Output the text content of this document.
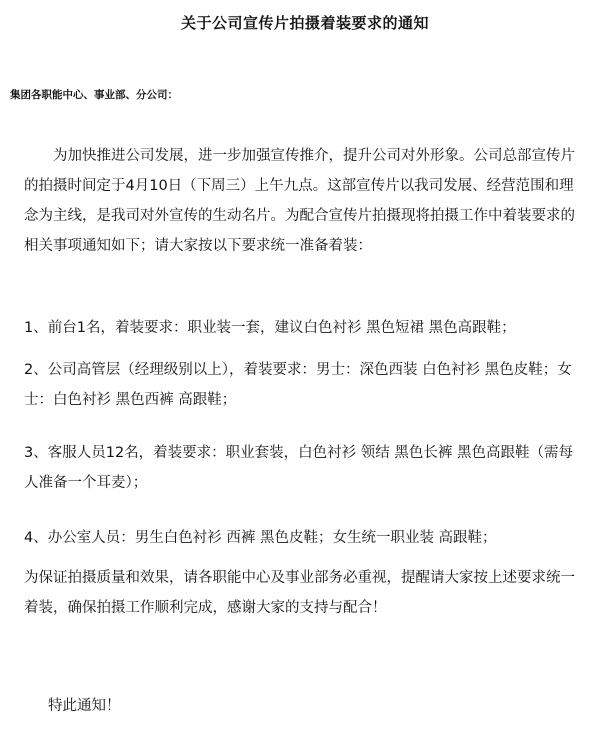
关于公司宣传片拍摄着装要求的通知
集团各职能中心、事业部、分公司：
为加快推进公司发展，进一步加强宣传推介，提升公司对外形象。公司总部宣传片的拍摄时间定于4月10日（下周三）上午九点。这部宣传片以我司发展、经营范围和理念为主线，是我司对外宣传的生动名片。为配合宣传片拍摄现将拍摄工作中着装要求的相关事项通知如下；请大家按以下要求统一准备着装：
1、前台1名，着装要求：职业装一套，建议白色衬衫 黑色短裙 黑色高跟鞋；
2、公司高管层（经理级别以上），着装要求：男士：深色西装 白色衬衫 黑色皮鞋；女士：白色衬衫 黑色西裤 高跟鞋；
3、客服人员12名，着装要求：职业套装，白色衬衫 领结 黑色长裤 黑色高跟鞋（需每人准备一个耳麦）；
4、办公室人员：男生白色衬衫 西裤 黑色皮鞋；女生统一职业装 高跟鞋；
为保证拍摄质量和效果，请各职能中心及事业部务必重视，提醒请大家按上述要求统一着装，确保拍摄工作顺利完成，感谢大家的支持与配合！
特此通知！
